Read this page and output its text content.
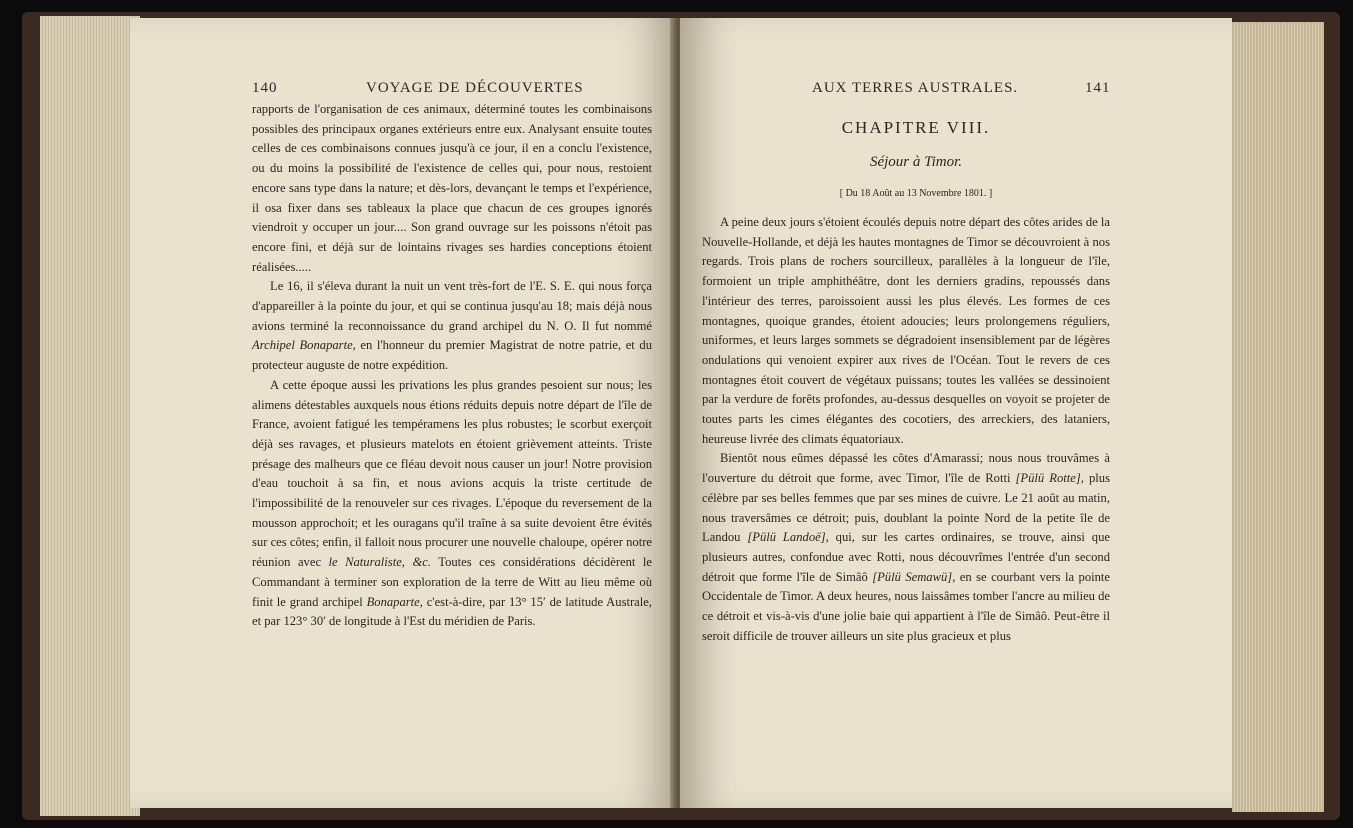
140	VOYAGE DE DÉCOUVERTES

rapports de l'organisation de ces animaux, déterminé toutes les combinaisons possibles des principaux organes extérieurs entre eux. Analysant ensuite toutes celles de ces combinaisons connues jusqu'à ce jour, il en a conclu l'existence, ou du moins la possibilité de l'existence de celles qui, pour nous, restoient encore sans type dans la nature; et dès-lors, devançant le temps et l'expérience, il osa fixer dans ses tableaux la place que chacun de ces groupes ignorés viendroit y occuper un jour.... Son grand ouvrage sur les poissons n'étoit pas encore fini, et déjà sur de lointains rivages ses hardies conceptions étoient réalisées.....

Le 16, il s'éleva durant la nuit un vent très-fort de l'E. S. E. qui nous força d'appareiller à la pointe du jour, et qui se continua jusqu'au 18; mais déjà nous avions terminé la reconnoissance du grand archipel du N. O. Il fut nommé Archipel Bonaparte, en l'honneur du premier Magistrat de notre patrie, et du protecteur auguste de notre expédition.

A cette époque aussi les privations les plus grandes pesoient sur nous; les alimens détestables auxquels nous étions réduits depuis notre départ de l'île de France, avoient fatigué les tempéramens les plus robustes; le scorbut exerçoit déjà ses ravages, et plusieurs matelots en étoient grièvement atteints. Triste présage des malheurs que ce fléau devoit nous causer un jour! Notre provision d'eau touchoit à sa fin, et nous avions acquis la triste certitude de l'impossibilité de la renouveler sur ces rivages. L'époque du reversement de la mousson approchoit; et les ouragans qu'il traîne à sa suite devoient être évités sur ces côtes; enfin, il falloit nous procurer une nouvelle chaloupe, opérer notre réunion avec le Naturaliste, &c. Toutes ces considérations décidèrent le Commandant à terminer son exploration de la terre de Witt au lieu même où finit le grand archipel Bonaparte, c'est-à-dire, par 13° 15′ de latitude Australe, et par 123° 30′ de longitude à l'Est du méridien de Paris.

AUX TERRES AUSTRALES.	141
CHAPITRE VIII.
Séjour à Timor.
[ Du 18 Août au 13 Novembre 1801. ]

A peine deux jours s'étoient écoulés depuis notre départ des côtes arides de la Nouvelle-Hollande, et déjà les hautes montagnes de Timor se découvroient à nos regards. Trois plans de rochers sourcilleux, parallèles à la longueur de l'île, formoient un triple amphithéâtre, dont les derniers gradins, repoussés dans l'intérieur des terres, paroissoient aussi les plus élevés. Les formes de ces montagnes, quoique grandes, étoient adoucies; leurs prolongemens réguliers, uniformes, et leurs larges sommets se dégradoient insensiblement par de légères ondulations qui venoient expirer aux rives de l'Océan. Tout le revers de ces montagnes étoit couvert de végétaux puissans; toutes les vallées se dessinoient par la verdure de forêts profondes, au-dessus desquelles on voyoit se projeter de toutes parts les cimes élégantes des cocotiers, des arreckiers, des lataniers, heureuse livrée des climats équatoriaux.

Bientôt nous eûmes dépassé les côtes d'Amarassi; nous nous trouvâmes à l'ouverture du détroit que forme, avec Timor, l'île de Rotti [Pülü Rotte], plus célèbre par ses belles femmes que par ses mines de cuivre. Le 21 août au matin, nous traversâmes ce détroit; puis, doublant la pointe Nord de la petite île de Landou [Pülü Landoë], qui, sur les cartes ordinaires, se trouve, ainsi que plusieurs autres, confondue avec Rotti, nous découvrîmes l'entrée d'un second détroit que forme l'île de Simâô [Pülü Semawü], en se courbant vers la pointe Occidentale de Timor. A deux heures, nous laissâmes tomber l'ancre au milieu de ce détroit et vis-à-vis d'une jolie baie qui appartient à l'île de Simâô. Peut-être il seroit difficile de trouver ailleurs un site plus gracieux et plus
